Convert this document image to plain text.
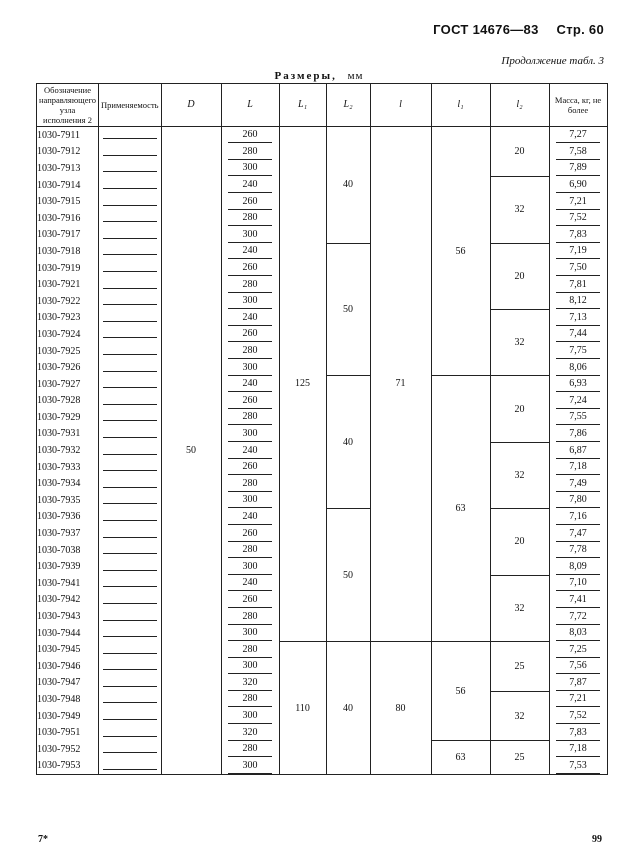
ГОСТ 14676—83 Стр. 60
Продолжение табл. 3
Размеры, мм
Обозначение направляющего узла исполнения 2	Применяемость	D	L	L₁	L₂	l	l₁	l₂	Масса, кг, не более
1030-7911		50	260	125	40	71	56	20	7,27
1030-7912			280						7,58
1030-7913			300						7,89
1030-7914			240					32	6,90
1030-7915			260						7,21
1030-7916			280						7,52
1030-7917			300						7,83
1030-7918			240		50			20	7,19
1030-7919			260						7,50
1030-7921			280						7,81
1030-7922			300						8,12
1030-7923			240					32	7,13
1030-7924			260						7,44
1030-7925			280						7,75
1030-7926			300						8,06
1030-7927			240		40		63	20	6,93
1030-7928			260						7,24
1030-7929			280						7,55
1030-7931			300						7,86
1030-7932			240					32	6,87
1030-7933			260						7,18
1030-7934			280						7,49
1030-7935			300						7,80
1030-7936			240		50			20	7,16
1030-7937			260						7,47
1030-7038			280						7,78
1030-7939			300						8,09
1030-7941			240					32	7,10
1030-7942			260						7,41
1030-7943			280						7,72
1030-7944			300						8,03
1030-7945			280	110	40	80	56	25	7,25
1030-7946			300						7,56
1030-7947			320						7,87
1030-7948			280					32	7,21
1030-7949			300						7,52
1030-7951			320						7,83
1030-7952			280				63	25	7,18
1030-7953			300						7,53
7*	99
